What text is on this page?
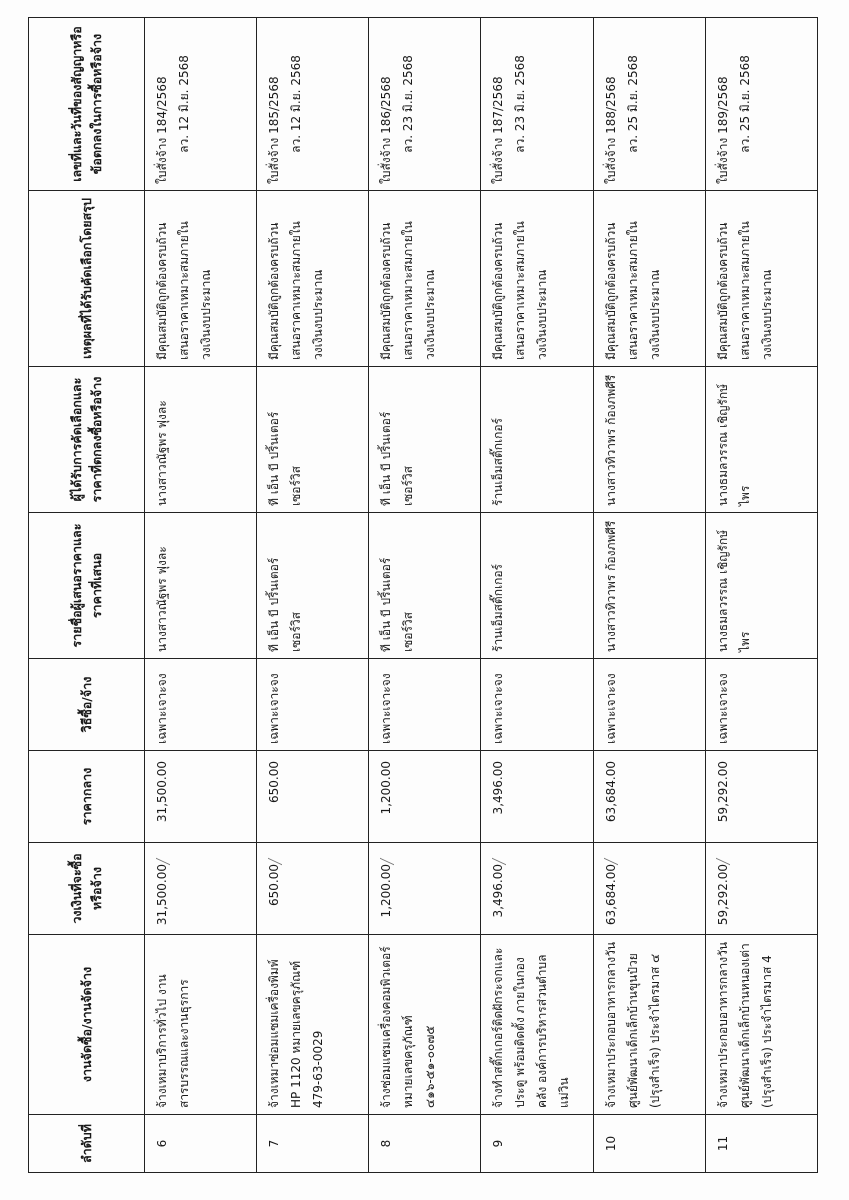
ลำดับที่	งานจัดซื้อ/งานจัดจ้าง	วงเงินที่จะซื้อหรือจ้าง	ราคากลาง	วิธีซื้อ/จ้าง	รายชื่อผู้เสนอราคาและราคาที่เสนอ	ผู้ได้รับการคัดเลือกและราคาที่ตกลงซื้อหรือจ้าง	เหตุผลที่ได้รับคัดเลือกโดยสรุป	เลขที่และวันที่ของสัญญาหรือข้อตกลงในการซื้อหรือจ้าง
6	จ้างเหมาบริการทั่วไป งานสารบรรณและงานธุรการ	31,500.00	31,500.00	เฉพาะเจาะจง	นางสาวณัฐพร ฟุงละ	นางสาวณัฐพร ฟุงละ	มีคุณสมบัติถูกต้องครบถ้วน เสนอราคาเหมาะสมภายในวงเงินงบประมาณ	ใบสั่งจ้าง 184/2568 ลว. 12 มิ.ย. 2568

7	จ้างเหมาซ่อมแซมเครื่องพิมพ์ HP 1120 หมายเลขครุภัณฑ์ 479-63-0029	650.00	650.00	เฉพาะเจาะจง	ที เอ็น บี ปริ้นเตอร์ เซอร์วิส	ที เอ็น บี ปริ้นเตอร์ เซอร์วิส	มีคุณสมบัติถูกต้องครบถ้วน เสนอราคาเหมาะสมภายในวงเงินงบประมาณ	ใบสั่งจ้าง 185/2568 ลว. 12 มิ.ย. 2568

8	จ้างซ่อมแซมเครื่องคอมพิวเตอร์ หมายเลขครุภัณฑ์ ๔๑๖-๕๑-๐๐๗๕	1,200.00	1,200.00	เฉพาะเจาะจง	ที เอ็น บี ปริ้นเตอร์ เซอร์วิส	ที เอ็น บี ปริ้นเตอร์ เซอร์วิส	มีคุณสมบัติถูกต้องครบถ้วน เสนอราคาเหมาะสมภายในวงเงินงบประมาณ	ใบสั่งจ้าง 186/2568 ลว. 23 มิ.ย. 2568

9	จ้างทำสติ๊กเกอร์ติดฝักระจกและประตู พร้อมติดตั้ง ภายในกองคลัง องค์การบริหารส่วนตำบลแม่วิน	3,496.00	3,496.00	เฉพาะเจาะจง	ร้านเอ็มสติ๊กเกอร์	ร้านเอ็มสติ๊กเกอร์	มีคุณสมบัติถูกต้องครบถ้วน เสนอราคาเหมาะสมภายในวงเงินงบประมาณ	ใบสั่งจ้าง 187/2568 ลว. 23 มิ.ย. 2568

10	จ้างเหมาประกอบอาหารกลางวันศูนย์พัฒนาเด็กเล็กบ้านขุนป๋วย (ปรุงสำเร็จ) ประจำไตรมาส ๔	63,684.00	63,684.00	เฉพาะเจาะจง	นางสาวทิวาพร ก้องภพศีรี	นางสาวทิวาพร ก้องภพศีรี	มีคุณสมบัติถูกต้องครบถ้วน เสนอราคาเหมาะสมภายในวงเงินงบประมาณ	ใบสั่งจ้าง 188/2568 ลว. 25 มิ.ย. 2568

11	จ้างเหมาประกอบอาหารกลางวันศูนย์พัฒนาเด็กเล็กบ้านหนองเต่า (ปรุงสำเร็จ) ประจำไตรมาส 4	59,292.00	59,292.00	เฉพาะเจาะจง	นางธมลวรรณ เชิญรักษ์ไพร	นางธมลวรรณ เชิญรักษ์ไพร	มีคุณสมบัติถูกต้องครบถ้วน เสนอราคาเหมาะสมภายในวงเงินงบประมาณ	ใบสั่งจ้าง 189/2568 ลว. 25 มิ.ย. 2568
